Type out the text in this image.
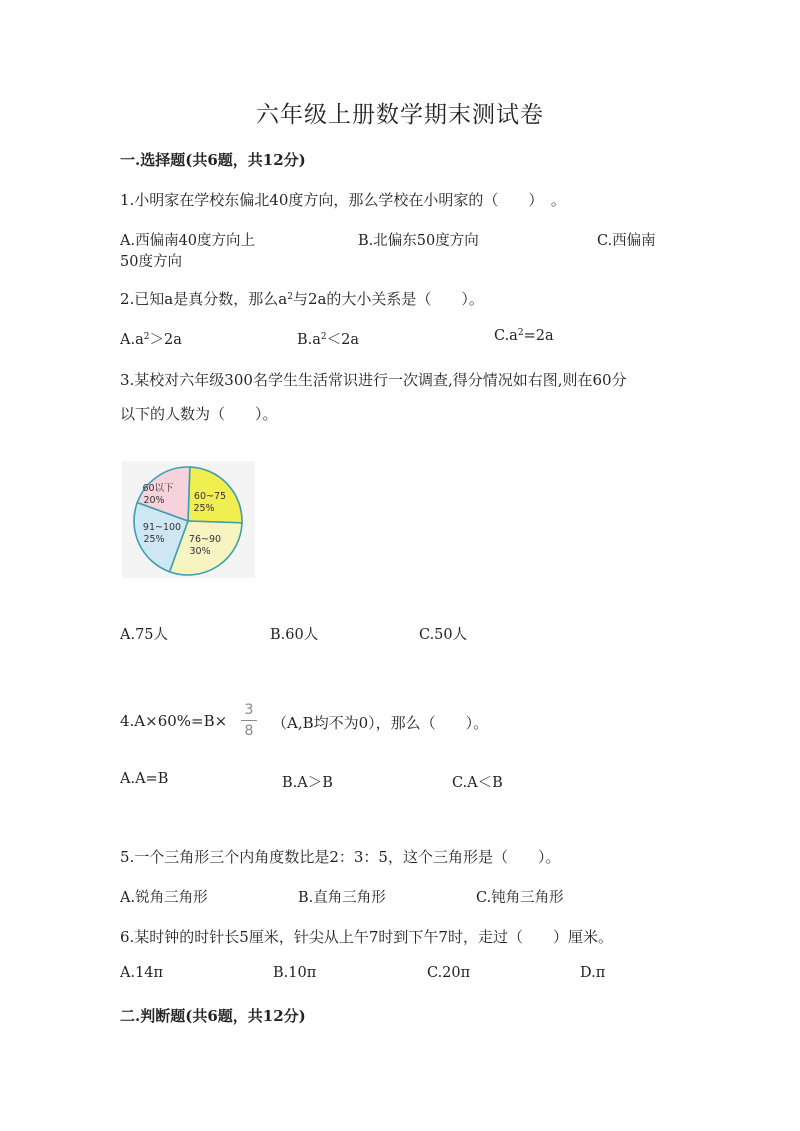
六年级上册数学期末测试卷
一.选择题(共6题，共12分)
1.小明家在学校东偏北40度方向，那么学校在小明家的（　　）　。
A.西偏南40度方向上	B.北偏东50度方向	C.西偏南
50度方向
2.已知a是真分数，那么$a^2$与2a的大小关系是（　　）。
$A.a^2>2a$	$B.a^2<2a$	$C.a^2=2a$
3.某校对六年级300名学生生活常识进行一次调查,得分情况如右图,则在60分
以下的人数为（　　）。
60以下
20%	60~75
25%
76~90
30%
91~100
25%
A.75人	B.60人	C.50人
4.A×60%=B×
3
8	（A,B均不为0），那么（　　）。
A.A=B	B.A＞B	C.A＜B
5.一个三角形三个内角度数比是2：3：5，这个三角形是（　　）。
A.锐角三角形	B.直角三角形	C.钝角三角形
6.某时钟的时针长5厘米，针尖从上午7时到下午7时，走过（　　）厘米。
A.14π	B.10π	C.20π	D.π
二.判断题(共6题，共12分)
